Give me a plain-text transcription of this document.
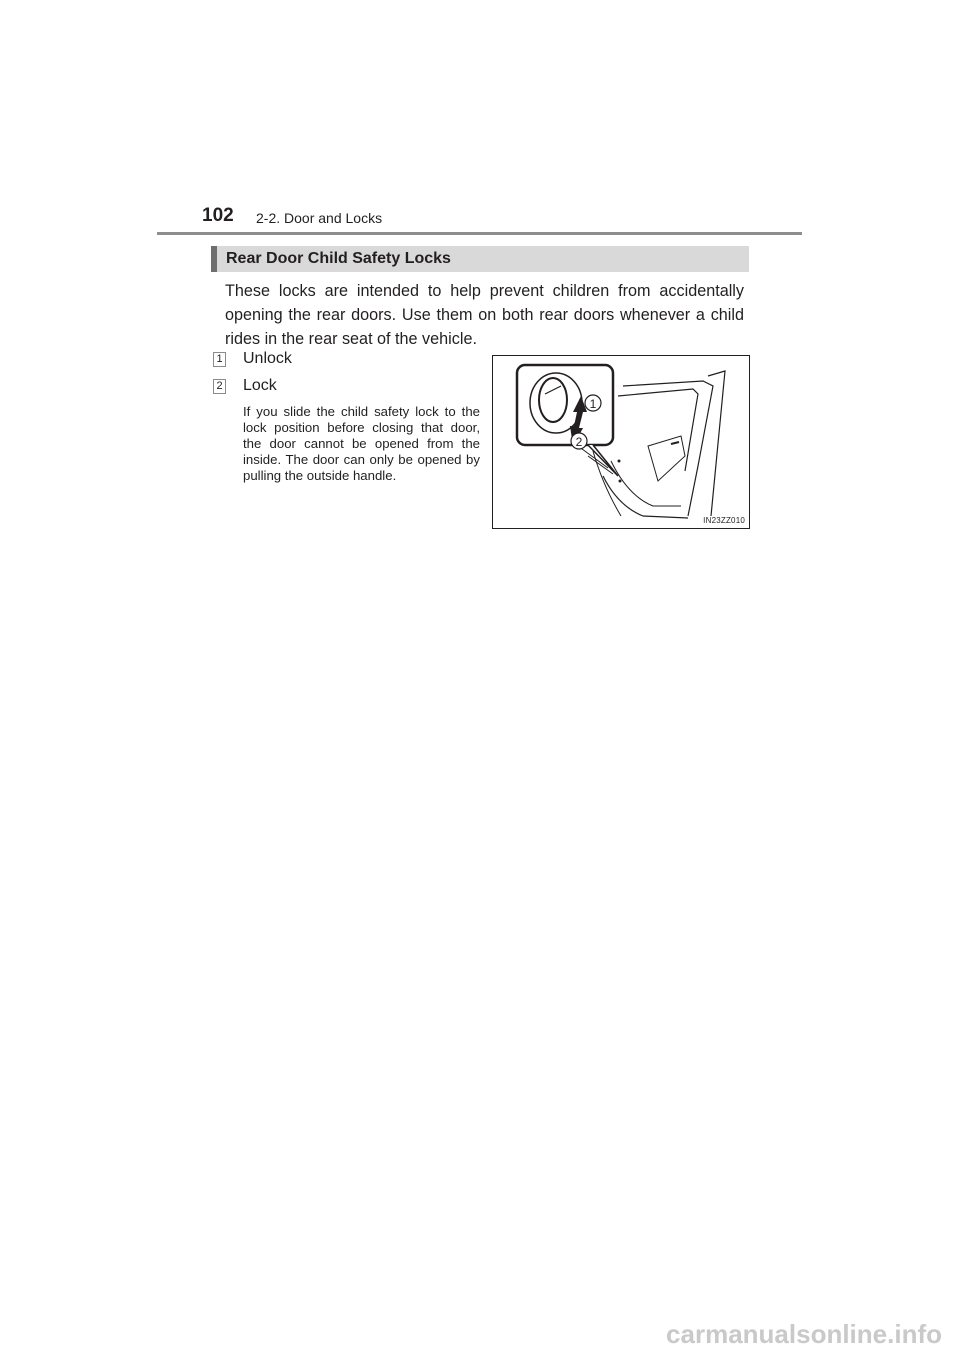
102 2-2. Door and Locks
Rear Door Child Safety Locks

These locks are intended to help prevent children from accidentally opening the rear doors. Use them on both rear doors whenever a child rides in the rear seat of the vehicle.

1 Unlock
2 Lock

If you slide the child safety lock to the lock position before closing that door, the door cannot be opened from the inside. The door can only be opened by pulling the outside handle.

1
2
IN23ZZ010
carmanualsonline.info
